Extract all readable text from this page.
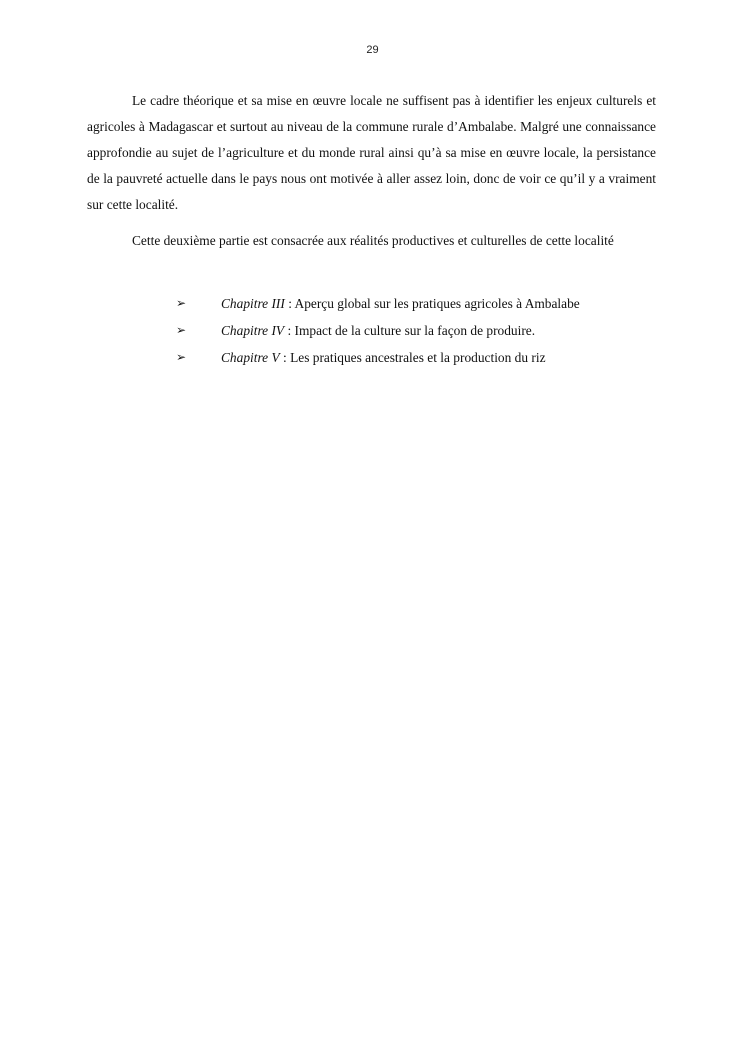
29

Le cadre théorique et sa mise en œuvre locale ne suffisent pas à identifier les enjeux culturels et agricoles à Madagascar et surtout au niveau de la commune rurale d’Ambalabe. Malgré une connaissance approfondie au sujet de l’agriculture et du monde rural ainsi qu’à sa mise en œuvre locale, la persistance de la pauvreté actuelle dans le pays nous ont motivée à aller assez loin, donc de voir ce qu’il y a vraiment sur cette localité.

Cette deuxième partie est consacrée aux réalités productives et culturelles de cette localité

➢	Chapitre III : Aperçu global sur les pratiques agricoles à Ambalabe
➢	Chapitre IV : Impact de la culture sur la façon de produire.
➢	Chapitre V : Les pratiques ancestrales et la production du riz
